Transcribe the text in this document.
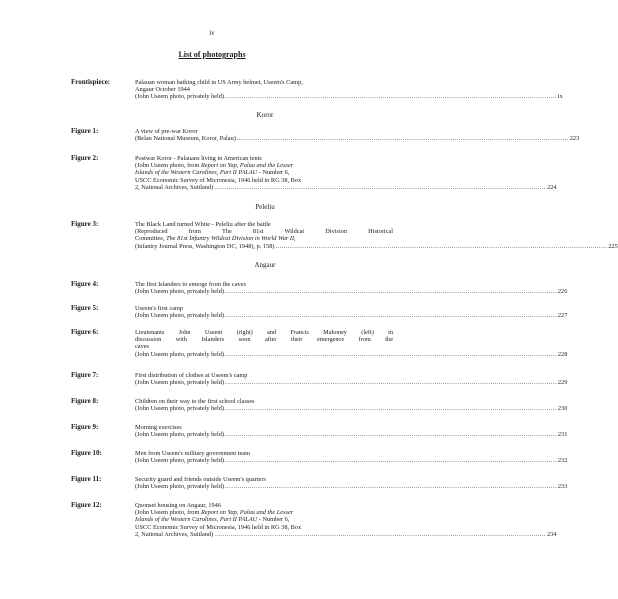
iv
List of photographs
Frontispiece:	Palauan woman bathing child in US Army helmet, Useem's Camp,
Angaur October 1944
(John Useem photo, privately held) .....	ix
Koror
Figure 1:	A view of pre-war Koror
(Belau National Museum, Koror, Palau) .....	223
Figure 2:	Postwar Koror - Palauans living in American tents
(John Useem photo, from Report on Yap, Palau and the Lesser
Islands of the Western Carolines, Part II PALAU - Number 6,
USCC Economic Survey of Micronesia, 1946 held in RG 38, Box
2, National Archives, Suitland) .....	224
Peleliu
Figure 3:	The Black Land turned White - Peleliu after the battle
(Reproduced from The 81st Wildcat Division Historical
Committee, The 81st Infantry Wildcat Division in World War II,
(Infantry Journal Press, Washington DC, 1948), p. 158) .....	225
Angaur
Figure 4:	The first Islanders to emerge from the caves
(John Useem photo, privately held) .....	226
Figure 5:	Useem's first camp
(John Useem photo, privately held) .....	227
Figure 6:	Lieutenants John Useem (right) and Francis Mahoney (left) in
discussion with Islanders soon after their emergence from the
caves
(John Useem photo, privately held) .....	228
Figure 7:	First distribution of clothes at Useem's camp
(John Useem photo, privately held) .....	229
Figure 8:	Children on their way to the first school classes
(John Useem photo, privately held) .....	230
Figure 9:	Morning exercises
(John Useem photo, privately held) .....	231
Figure 10:	Men from Useem's military government team
(John Useem photo, privately held) .....	232
Figure 11:	Security guard and friends outside Useem's quarters
(John Useem photo, privately held) .....	233
Figure 12:	Quonset housing on Angaur, 1946
(John Useem photo, from Report on Yap, Palau and the Lesser
Islands of the Western Carolines, Part II PALAU - Number 6,
USCC Economic Survey of Micronesia, 1946 held in RG 38, Box
2, National Archives, Suitland) .....	234
